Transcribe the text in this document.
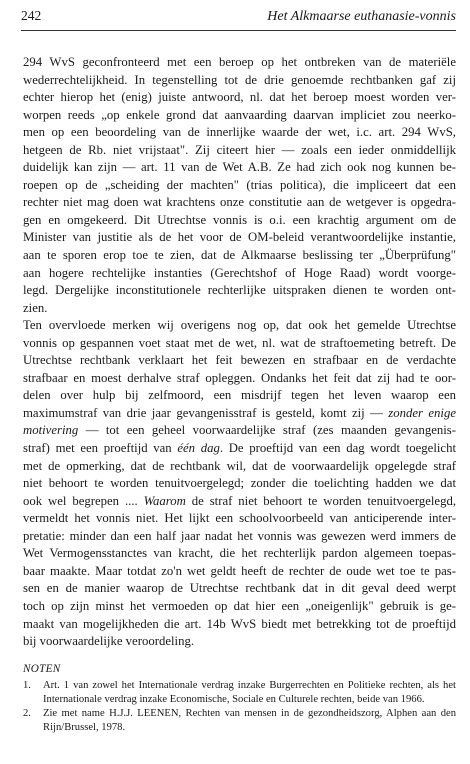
242	Het Alkmaarse euthanasie-vonnis
294 WvS geconfronteerd met een beroep op het ontbreken van de materiële
wederrechtelijkheid. In tegenstelling tot de drie genoemde rechtbanken gaf zij
echter hierop het (enig) juiste antwoord, nl. dat het beroep moest worden ver-
worpen reeds „op enkele grond dat aanvaarding daarvan impliciet zou neerko-
men op een beoordeling van de innerlijke waarde der wet, i.c. art. 294 WvS,
hetgeen de Rb. niet vrijstaat". Zij citeert hier — zoals een ieder onmiddellijk
duidelijk kan zijn — art. 11 van de Wet A.B. Ze had zich ook nog kunnen be-
roepen op de „scheiding der machten" (trias politica), die impliceert dat een
rechter niet mag doen wat krachtens onze constitutie aan de wetgever is opgedra-
gen en omgekeerd. Dit Utrechtse vonnis is o.i. een krachtig argument om de
Minister van justitie als de het voor de OM-beleid verantwoordelijke instantie,
aan te sporen erop toe te zien, dat de Alkmaarse beslissing ter „Überprüfung"
aan hogere rechtelijke instanties (Gerechtshof of Hoge Raad) wordt voorge-
legd. Dergelijke inconstitutionele rechterlijke uitspraken dienen te worden ont-
zien.
Ten overvloede merken wij overigens nog op, dat ook het gemelde Utrechtse
vonnis op gespannen voet staat met de wet, nl. wat de straftoemeting betreft. De
Utrechtse rechtbank verklaart het feit bewezen en strafbaar en de verdachte
strafbaar en moest derhalve straf opleggen. Ondanks het feit dat zij had te oor-
delen over hulp bij zelfmoord, een misdrijf tegen het leven waarop een
maximumstraf van drie jaar gevangenisstraf is gesteld, komt zij — zonder enige
motivering — tot een geheel voorwaardelijke straf (zes maanden gevangenis-
straf) met een proeftijd van één dag. De proeftijd van een dag wordt toegelicht
met de opmerking, dat de rechtbank wil, dat de voorwaardelijk opgelegde straf
niet behoort te worden tenuitvoergelegd; zonder die toelichting hadden we dat
ook wel begrepen .... Waarom de straf niet behoort te worden tenuitvoergelegd,
vermeldt het vonnis niet. Het lijkt een schoolvoorbeeld van anticiperende inter-
pretatie: minder dan een half jaar nadat het vonnis was gewezen werd immers de
Wet Vermogensstanctes van kracht, die het rechterlijk pardon algemeen toepas-
baar maakte. Maar totdat zo'n wet geldt heeft de rechter de oude wet toe te pas-
sen en de manier waarop de Utrechtse rechtbank dat in dit geval deed werpt
toch op zijn minst het vermoeden op dat hier een „oneigenlijk" gebruik is ge-
maakt van mogelijkheden die art. 14b WvS biedt met betrekking tot de proeftijd
bij voorwaardelijke veroordeling.
NOTEN
1.	Art. 1 van zowel het Internationale verdrag inzake Burgerrechten en Politieke rechten, als het Internationale verdrag inzake Economische, Sociale en Culturele rechten, beide van 1966.
2.	Zie met name H.J.J. LEENEN, Rechten van mensen in de gezondheidszorg, Alphen aan den Rijn/Brussel, 1978.
